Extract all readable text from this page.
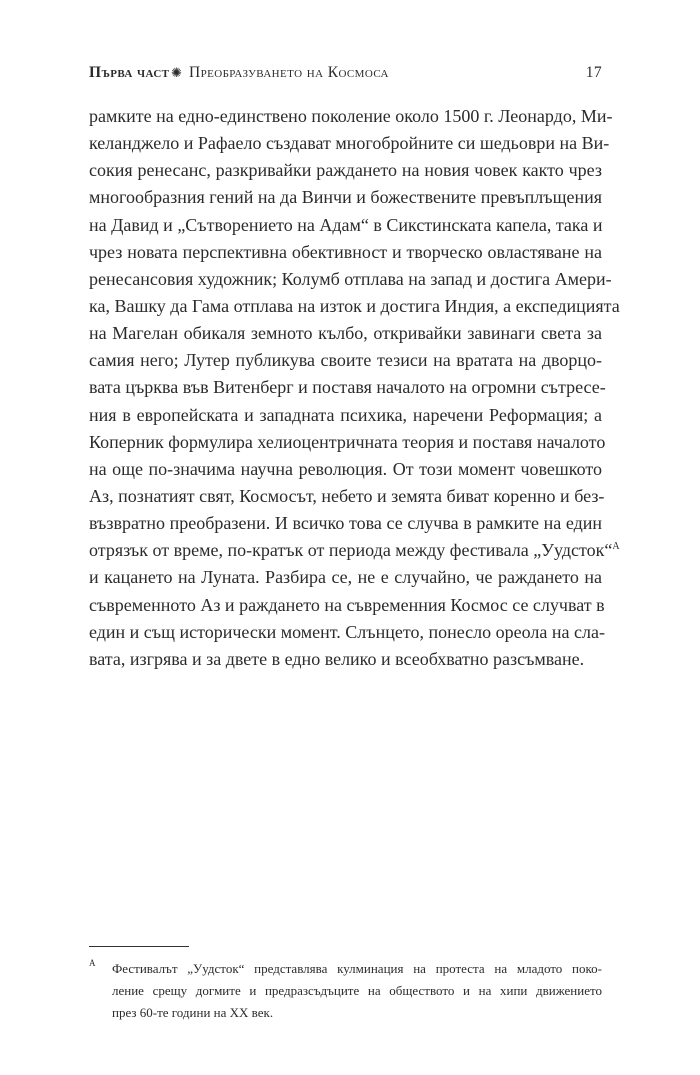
Първа част ✺ Преобразуването на Космоса	17
рамките на едно-единствено поколение около 1500 г. Леонардо, Ми-
келанджело и Рафаело създават многобройните си шедьоври на Ви-
сокия ренесанс, разкривайки раждането на новия човек както чрез
многообразния гений на да Винчи и божествените превъплъщения
на Давид и „Сътворението на Адам“ в Сикстинската капела, така и
чрез новата перспективна обективност и творческо овластяване на
ренесансовия художник; Колумб отплава на запад и достига Амери-
ка, Вашку да Гама отплава на изток и достига Индия, а експедицията
на Магелан обикаля земното кълбо, откривайки завинаги света за
самия него; Лутер публикува своите тезиси на вратата на дворцо-
вата църква във Витенберг и поставя началото на огромни сътресе-
ния в европейската и западната психика, наречени Реформация; а
Коперник формулира хелиоцентричната теория и поставя началото
на още по-значима научна революция. От този момент човешкото
Аз, познатият свят, Космосът, небето и земята биват коренно и без-
възвратно преобразени. И всичко това се случва в рамките на един
отрязък от време, по-кратък от периода между фестивала „Уудсток“$^A$
и кацането на Луната. Разбира се, не е случайно, че раждането на
съвременното Аз и раждането на съвременния Космос се случват в
един и същ исторически момент. Слънцето, понесло ореола на сла-
вата, изгрява и за двете в едно велико и всеобхватно разсъмване.
A Фестивалът „Уудсток“ представлява кулминация на протеста на младото поко-
ление срещу догмите и предразсъдъците на обществото и на хипи движението
през 60-те години на XX век.
